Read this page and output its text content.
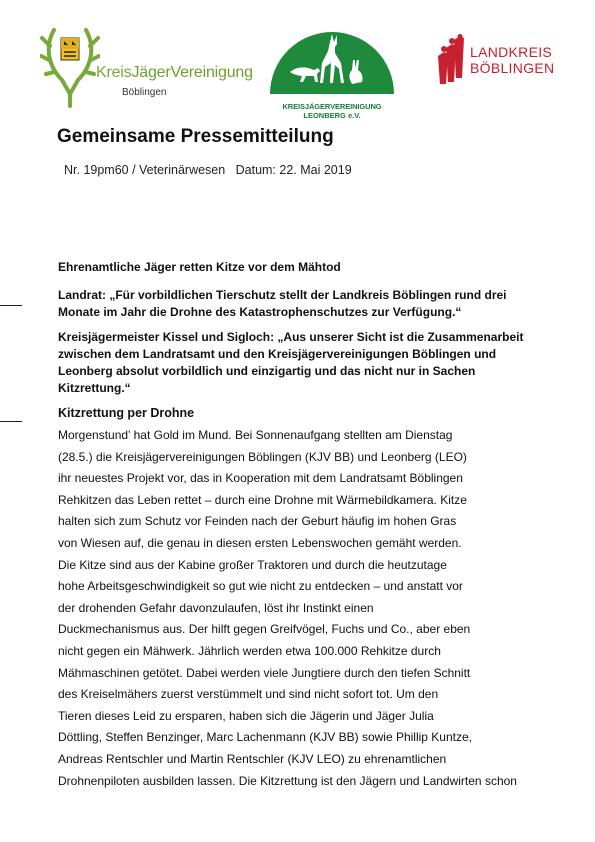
KreisJägerVereinigung
Böblingen
KREISJÄGERVEREINIGUNG
LEONBERG e.V.
LANDKREIS
BÖBLINGEN
Gemeinsame Pressemitteilung
Nr. 19pm60 / Veterinärwesen   Datum: 22. Mai 2019
Ehrenamtliche Jäger retten Kitze vor dem Mähtod
Landrat: „Für vorbildlichen Tierschutz stellt der Landkreis Böblingen rund drei Monate im Jahr die Drohne des Katastrophenschutzes zur Verfügung.“
Kreisjägermeister Kissel und Sigloch: „Aus unserer Sicht ist die Zusammenarbeit zwischen dem Landratsamt und den Kreisjägervereinigungen Böblingen und Leonberg absolut vorbildlich und einzigartig und das nicht nur in Sachen Kitzrettung.“
Kitzrettung per Drohne
Morgenstund’ hat Gold im Mund. Bei Sonnenaufgang stellten am Dienstag
(28.5.) die Kreisjägervereinigungen Böblingen (KJV BB) und Leonberg (LEO)
ihr neuestes Projekt vor, das in Kooperation mit dem Landratsamt Böblingen
Rehkitzen das Leben rettet – durch eine Drohne mit Wärmebildkamera. Kitze
halten sich zum Schutz vor Feinden nach der Geburt häufig im hohen Gras
von Wiesen auf, die genau in diesen ersten Lebenswochen gemäht werden.
Die Kitze sind aus der Kabine großer Traktoren und durch die heutzutage
hohe Arbeitsgeschwindigkeit so gut wie nicht zu entdecken – und anstatt vor
der drohenden Gefahr davonzulaufen, löst ihr Instinkt einen
Duckmechanismus aus. Der hilft gegen Greifvögel, Fuchs und Co., aber eben
nicht gegen ein Mähwerk. Jährlich werden etwa 100.000 Rehkitze durch
Mähmaschinen getötet. Dabei werden viele Jungtiere durch den tiefen Schnitt
des Kreiselmähers zuerst verstümmelt und sind nicht sofort tot. Um den
Tieren dieses Leid zu ersparen, haben sich die Jägerin und Jäger Julia
Döttling, Steffen Benzinger, Marc Lachenmann (KJV BB) sowie Phillip Kuntze,
Andreas Rentschler und Martin Rentschler (KJV LEO) zu ehrenamtlichen
Drohnenpiloten ausbilden lassen. Die Kitzrettung ist den Jägern und Landwirten schon
